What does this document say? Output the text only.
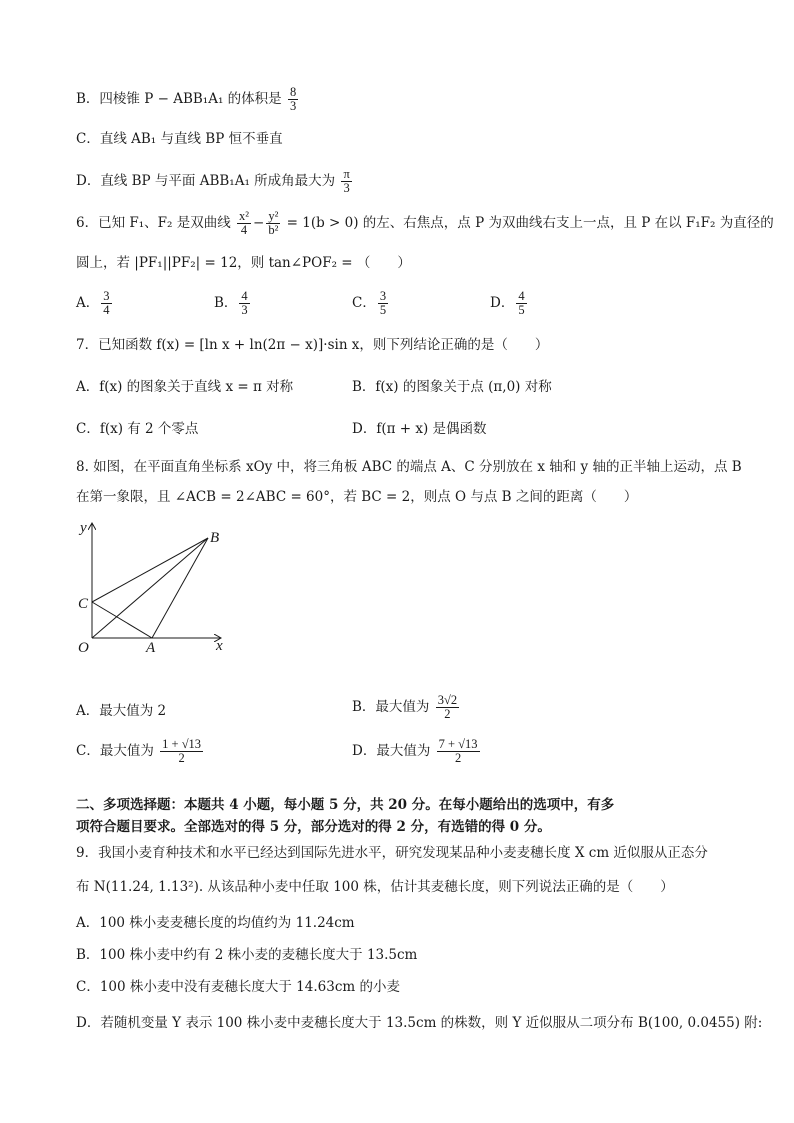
B．四棱锥 P − ABB₁A₁ 的体积是 $\frac{8}{3}$
C．直线 AB₁ 与直线 BP 恒不垂直
D．直线 BP 与平面 ABB₁A₁ 所成角最大为 $\frac{\pi}{3}$
6．已知 F₁、F₂ 是双曲线 $\frac{\text{x²}}{4} - \frac{\text{y²}}{\text{b²}} = 1(b > 0)$ 的左、右焦点，点 P 为双曲线右支上一点，且 P 在以 F₁F₂ 为直径的
圆上，若 |PF₁||PF₂| = 12，则 tan∠POF₂ = （　　）
A． $\frac{3}{4}$	B． $\frac{4}{3}$	C． $\frac{3}{5}$	D． $\frac{4}{5}$
7．已知函数 f(x) = [ln x + ln(2π − x)]·sin x，则下列结论正确的是（　　）
A．f(x) 的图象关于直线 x = π 对称	B．f(x) 的图象关于点 (π,0) 对称
C．f(x) 有 2 个零点	D．f(π + x) 是偶函数
8. 如图，在平面直角坐标系 xOy 中，将三角板 ABC 的端点 A、C 分别放在 x 轴和 y 轴的正半轴上运动，点 B
在第一象限，且 ∠ACB = 2∠ABC = 60°，若 BC = 2，则点 O 与点 B 之间的距离（　　）
y
B
C
O	A	x
A．最大值为 2	B．最大值为 $\frac{3√2}{2}$
C．最大值为 $\frac{1 + √13}{2}$	D．最大值为 $\frac{7 + √13}{2}$
二、多项选择题：本题共 4 小题，每小题 5 分，共 20 分。在每小题给出的选项中，有多
项符合题目要求。全部选对的得 5 分，部分选对的得 2 分，有选错的得 0 分。
9．我国小麦育种技术和水平已经达到国际先进水平，研究发现某品种小麦麦穗长度 X cm 近似服从正态分
布 N(11.24, 1.13²). 从该品种小麦中任取 100 株，估计其麦穗长度，则下列说法正确的是（　　）
A．100 株小麦麦穗长度的均值约为 11.24cm
B．100 株小麦中约有 2 株小麦的麦穗长度大于 13.5cm
C．100 株小麦中没有麦穗长度大于 14.63cm 的小麦
D．若随机变量 Y 表示 100 株小麦中麦穗长度大于 13.5cm 的株数，则 Y 近似服从二项分布 B(100, 0.0455) 附:
